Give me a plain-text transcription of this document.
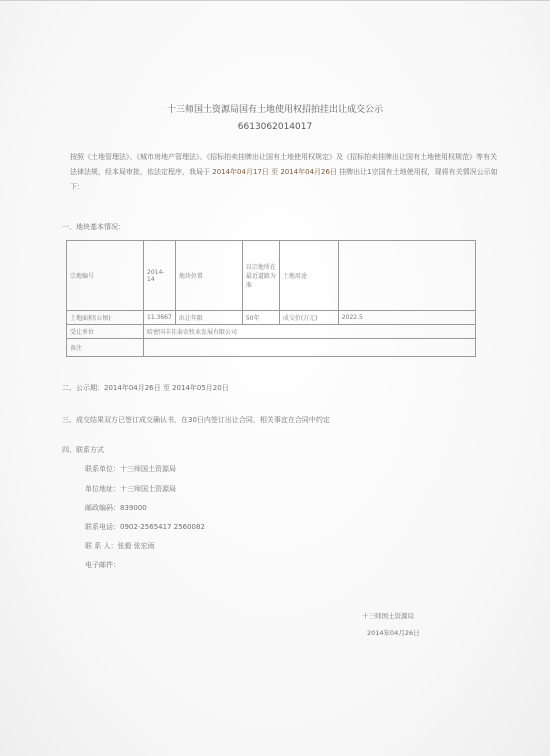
十三师国土资源局国有土地使用权招拍挂出让成交公示
6613062014017
按照《土地管理法》、《城市房地产管理法》、《招标拍卖挂牌出让国有土地使用权规定》及《招标拍卖挂牌出让国有土地使用权规范》等有关法律法规，经本局审批，依法定程序，我局于 2014年04月17日 至 2014年04月26日 挂牌出让1宗国有土地使用权，现将有关情况公示如下：
一、地块基本情况：
宗地编号	2014-14	地块位置	以宗地所在最近道路为准	土地用途	
土地面积(公顷)	11.3667	出让年限	50年	成交价(万元)	2022.5
受让单位	哈密国丰佳泰农牧业发展有限公司				
备注					
二、公示期：2014年04月26日 至 2014年05月20日
三、成交结果双方已签订成交确认书，在30日内签订出让合同，相关事宜在合同中约定
四、联系方式
联系单位：十三师国土资源局
单位地址：十三师国土资源局
邮政编码：839000
联系电话：0902-2565417 2560082
联 系 人：张毅 张宏雨
电子邮件：
十三师国土资源局
2014年04月26日
